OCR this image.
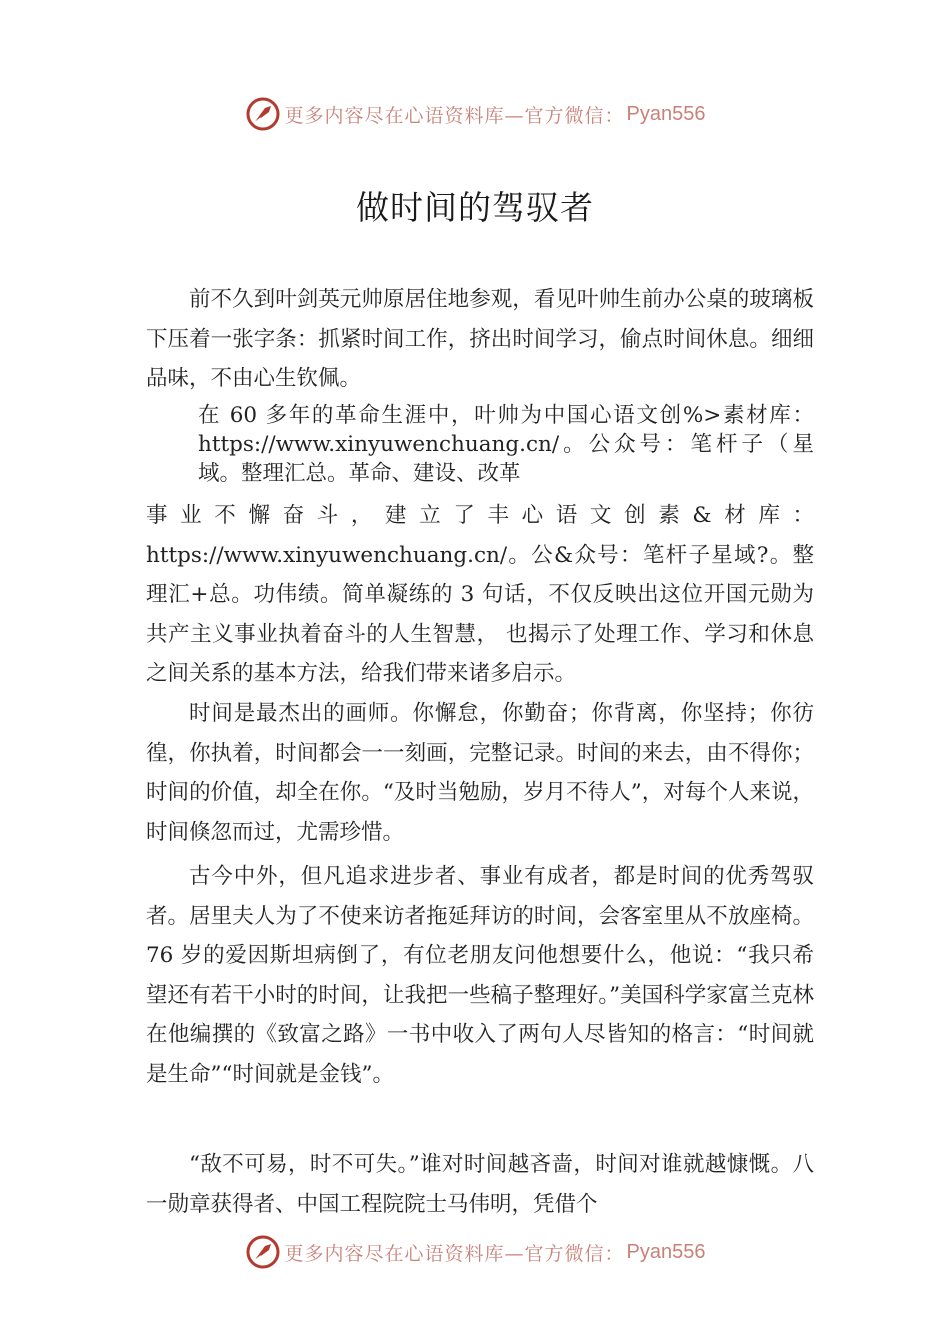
更多内容尽在心语资料库—官方微信： Pyan556
做时间的驾驭者

前不久到叶剑英元帅原居住地参观，看见叶帅生前办公桌的玻璃板下压着一张字条：抓紧时间工作，挤出时间学习，偷点时间休息。细细品味，不由心生钦佩。

在 60 多年的革命生涯中，叶帅为中国心语文创%>素材库：https://www.xinyuwenchuang.cn/。公众号：笔杆子（星域。整理汇总。革命、建设、改革

事业不懈奋斗，建立了丰心语文创素&材库：https://www.xinyuwenchuang.cn/。公&众号：笔杆子星域?。整理汇+总。功伟绩。简单凝练的 3 句话，不仅反映出这位开国元勋为共产主义事业执着奋斗的人生智慧， 也揭示了处理工作、学习和休息之间关系的基本方法，给我们带来诸多启示。

时间是最杰出的画师。你懈怠，你勤奋；你背离，你坚持；你彷徨，你执着，时间都会一一刻画，完整记录。时间的来去，由不得你；时间的价值，却全在你。“及时当勉励，岁月不待人”，对每个人来说，时间倏忽而过，尤需珍惜。

古今中外，但凡追求进步者、事业有成者，都是时间的优秀驾驭者。居里夫人为了不使来访者拖延拜访的时间，会客室里从不放座椅。76 岁的爱因斯坦病倒了，有位老朋友问他想要什么，他说：“我只希望还有若干小时的时间，让我把一些稿子整理好。”美国科学家富兰克林在他编撰的《致富之路》一书中收入了两句人尽皆知的格言：“时间就是生命”“时间就是金钱”。

“敌不可易，时不可失。”谁对时间越吝啬，时间对谁就越慷慨。八一勋章获得者、中国工程院院士马伟明，凭借个

更多内容尽在心语资料库—官方微信： Pyan556
